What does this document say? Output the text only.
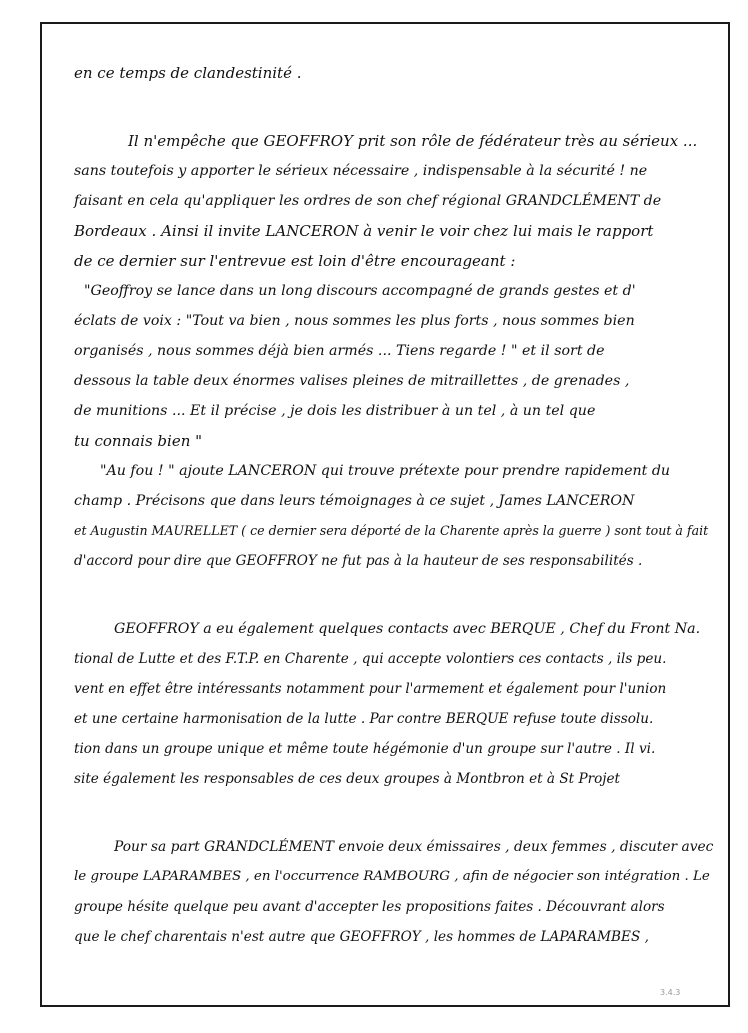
en ce temps de clandestinité .
Il n'empêche que GEOFFROY prit son rôle de fédérateur très au sérieux ...
sans toutefois y apporter le sérieux nécessaire , indispensable à la sécurité ! ne
faisant en cela qu'appliquer les ordres de son chef régional GRANDCLÉMENT de
Bordeaux . Ainsi il invite LANCERON à venir le voir chez lui mais le rapport
de ce dernier sur l'entrevue est loin d'être encourageant :
"Geoffroy se lance dans un long discours accompagné de grands gestes et d'
éclats de voix : "Tout va bien , nous sommes les plus forts , nous sommes bien
organisés , nous sommes déjà bien armés ... Tiens regarde ! " et il sort de
dessous la table deux énormes valises pleines de mitraillettes , de grenades ,
de munitions ... Et il précise , je dois les distribuer à un tel , à un tel que
tu connais bien "
"Au fou ! " ajoute LANCERON qui trouve prétexte pour prendre rapidement du
champ . Précisons que dans leurs témoignages à ce sujet , James LANCERON
et Augustin MAURELLET ( ce dernier sera déporté de la Charente après la guerre ) sont tout à fait
d'accord pour dire que GEOFFROY ne fut pas à la hauteur de ses responsabilités .
GEOFFROY a eu également quelques contacts avec BERQUE , Chef du Front Na.
tional de Lutte et des F.T.P. en Charente , qui accepte volontiers ces contacts , ils peu.
vent en effet être intéressants notamment pour l'armement et également pour l'union
et une certaine harmonisation de la lutte . Par contre BERQUE refuse toute dissolu.
tion dans un groupe unique et même toute hégémonie d'un groupe sur l'autre . Il vi.
site également les responsables de ces deux groupes à Montbron et à St Projet
Pour sa part GRANDCLÉMENT envoie deux émissaires , deux femmes , discuter avec
le groupe LAPARAMBES , en l'occurrence RAMBOURG , afin de négocier son intégration . Le
groupe hésite quelque peu avant d'accepter les propositions faites . Découvrant alors
que le chef charentais n'est autre que GEOFFROY , les hommes de LAPARAMBES ,
3.4.3
